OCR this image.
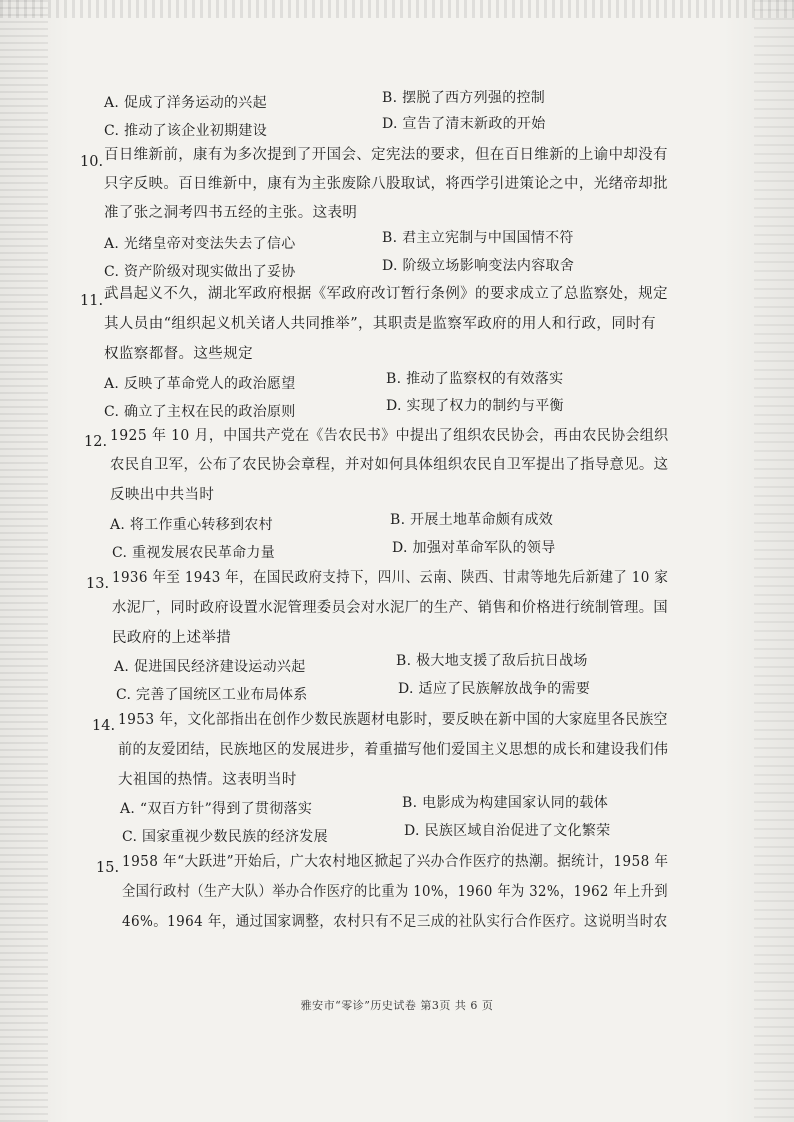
A. 促成了洋务运动的兴起	B. 摆脱了西方列强的控制
C. 推动了该企业初期建设	D. 宣告了清末新政的开始
10. 百日维新前，康有为多次提到了开国会、定宪法的要求，但在百日维新的上谕中却没有
只字反映。百日维新中，康有为主张废除八股取试，将西学引进策论之中，光绪帝却批
准了张之洞考四书五经的主张。这表明
A. 光绪皇帝对变法失去了信心	B. 君主立宪制与中国国情不符
C. 资产阶级对现实做出了妥协	D. 阶级立场影响变法内容取舍
11. 武昌起义不久，湖北军政府根据《军政府改订暂行条例》的要求成立了总监察处，规定
其人员由“组织起义机关诸人共同推举”，其职责是监察军政府的用人和行政，同时有
权监察都督。这些规定
A. 反映了革命党人的政治愿望	B. 推动了监察权的有效落实
C. 确立了主权在民的政治原则	D. 实现了权力的制约与平衡
12. 1925 年 10 月，中国共产党在《告农民书》中提出了组织农民协会，再由农民协会组织
农民自卫军，公布了农民协会章程，并对如何具体组织农民自卫军提出了指导意见。这
反映出中共当时
A. 将工作重心转移到农村	B. 开展土地革命颇有成效
C. 重视发展农民革命力量	D. 加强对革命军队的领导
13. 1936 年至 1943 年，在国民政府支持下，四川、云南、陕西、甘肃等地先后新建了 10 家
水泥厂，同时政府设置水泥管理委员会对水泥厂的生产、销售和价格进行统制管理。国
民政府的上述举措
A. 促进国民经济建设运动兴起	B. 极大地支援了敌后抗日战场
C. 完善了国统区工业布局体系	D. 适应了民族解放战争的需要
14. 1953 年，文化部指出在创作少数民族题材电影时，要反映在新中国的大家庭里各民族空
前的友爱团结，民族地区的发展进步，着重描写他们爱国主义思想的成长和建设我们伟
大祖国的热情。这表明当时
A. “双百方针”得到了贯彻落实	B. 电影成为构建国家认同的载体
C. 国家重视少数民族的经济发展	D. 民族区域自治促进了文化繁荣
15. 1958 年“大跃进”开始后，广大农村地区掀起了兴办合作医疗的热潮。据统计，1958 年
全国行政村（生产大队）举办合作医疗的比重为 10%，1960 年为 32%，1962 年上升到
46%。1964 年，通过国家调整，农村只有不足三成的社队实行合作医疗。这说明当时农
雅安市“零诊”历史试卷 第3页 共 6 页
